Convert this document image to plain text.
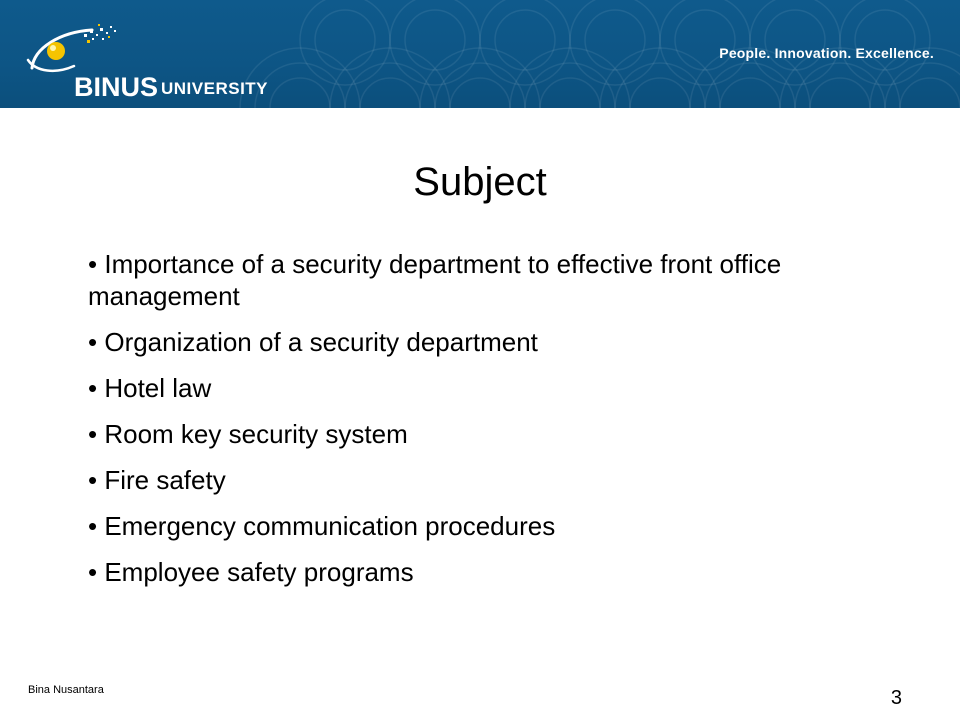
BINUS UNIVERSITY
People. Innovation. Excellence.
Subject
• Importance of a security department to effective front office management
• Organization of a security department
• Hotel law
• Room key security system
• Fire safety
• Emergency communication procedures
• Employee safety programs
Bina Nusantara	3
